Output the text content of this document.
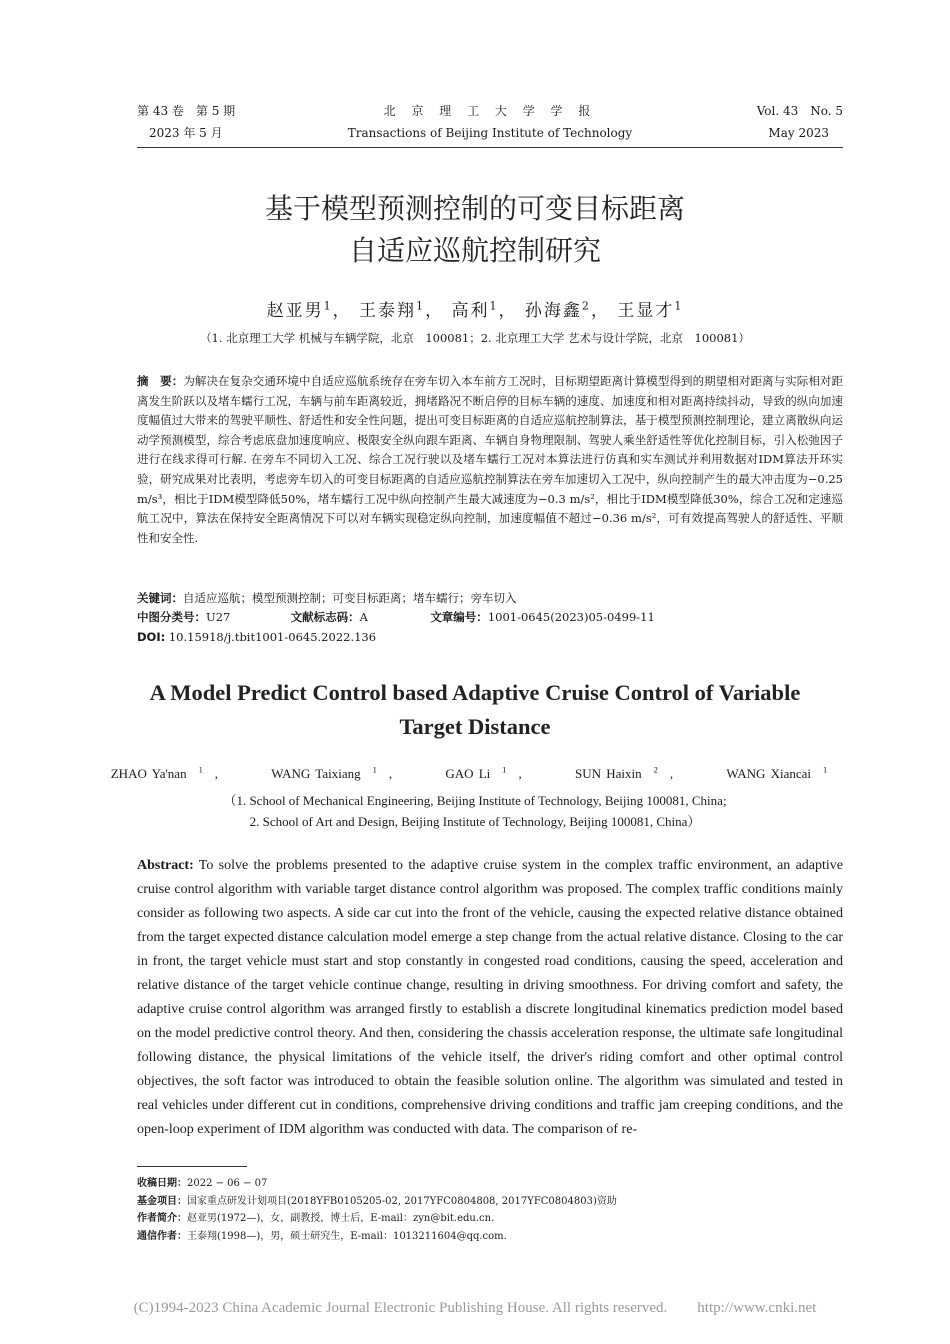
第 43 卷　第 5 期
2023 年 5 月
北 京 理 工 大 学 学 报
Transactions of Beijing Institute of Technology
Vol. 43　No. 5
May 2023
基于模型预测控制的可变目标距离
自适应巡航控制研究
赵亚男$^1$， 王泰翔$^1$， 高利$^1$， 孙海鑫$^2$， 王显才$^1$
（1. 北京理工大学 机械与车辆学院，北京　100081；2. 北京理工大学 艺术与设计学院，北京　100081）
摘　要：为解决在复杂交通环境中自适应巡航系统存在旁车切入本车前方工况时，目标期望距离计算模型得到的期望相对距离与实际相对距离发生阶跃以及堵车蠕行工况，车辆与前车距离较近，拥堵路况不断启停的目标车辆的速度、加速度和相对距离持续抖动，导致的纵向加速度幅值过大带来的驾驶平顺性、舒适性和安全性问题，提出可变目标距离的自适应巡航控制算法，基于模型预测控制理论，建立离散纵向运动学预测模型，综合考虑底盘加速度响应、极限安全纵向跟车距离、车辆自身物理限制、驾驶人乘坐舒适性等优化控制目标，引入松弛因子进行在线求得可行解. 在旁车不同切入工况、综合工况行驶以及堵车蠕行工况对本算法进行仿真和实车测试并利用数据对IDM算法开环实验，研究成果对比表明，考虑旁车切入的可变目标距离的自适应巡航控制算法在旁车加速切入工况中，纵向控制产生的最大冲击度为−0.25 m/s³，相比于IDM模型降低50%，堵车蠕行工况中纵向控制产生最大减速度为−0.3 m/s²，相比于IDM模型降低30%，综合工况和定速巡航工况中，算法在保持安全距离情况下可以对车辆实现稳定纵向控制，加速度幅值不超过−0.36 m/s²，可有效提高驾驶人的舒适性、平顺性和安全性.
关键词：自适应巡航；模型预测控制；可变目标距离；堵车蠕行；旁车切入
中图分类号：U27	文献标志码：A	文章编号：1001-0645(2023)05-0499-11
DOI: 10.15918/j.tbit1001-0645.2022.136
A Model Predict Control based Adaptive Cruise Control of Variable
Target Distance
ZHAO Ya'nan $^1$ ,	WANG Taixiang $^1$ ,	GAO Li $^1$ ,	SUN Haixin $^2$ ,	WANG Xiancai $^1$
（1. School of Mechanical Engineering, Beijing Institute of Technology, Beijing 100081, China;
2. School of Art and Design, Beijing Institute of Technology, Beijing 100081, China）
Abstract: To solve the problems presented to the adaptive cruise system in the complex traffic environment, an adaptive cruise control algorithm with variable target distance control algorithm was proposed. The complex traffic conditions mainly consider as following two aspects. A side car cut into the front of the vehicle, causing the expected relative distance obtained from the target expected distance calculation model emerge a step change from the actual relative distance. Closing to the car in front, the target vehicle must start and stop constantly in congested road conditions, causing the speed, acceleration and relative distance of the target vehicle continue change, resulting in driving smoothness. For driving comfort and safety, the adaptive cruise control algorithm was arranged firstly to establish a discrete longitudinal kinematics prediction model based on the model predictive control theory. And then, considering the chassis acceleration response, the ultimate safe longitudinal following distance, the physical limitations of the vehicle itself, the driver's riding comfort and other optimal control objectives, the soft factor was introduced to obtain the feasible solution online. The algorithm was simulated and tested in real vehicles under different cut in conditions, comprehensive driving conditions and traffic jam creeping conditions, and the open-loop experiment of IDM algorithm was conducted with data. The comparison of re-
收稿日期：2022 − 06 − 07
基金项目：国家重点研发计划项目(2018YFB0105205-02, 2017YFC0804808, 2017YFC0804803)资助
作者简介：赵亚男(1972—)，女，副教授，博士后，E-mail：zyn@bit.edu.cn.
通信作者：王泰翔(1998—)，男，硕士研究生，E-mail：1013211604@qq.com.
(C)1994-2023 China Academic Journal Electronic Publishing House. All rights reserved.　　http://www.cnki.net
